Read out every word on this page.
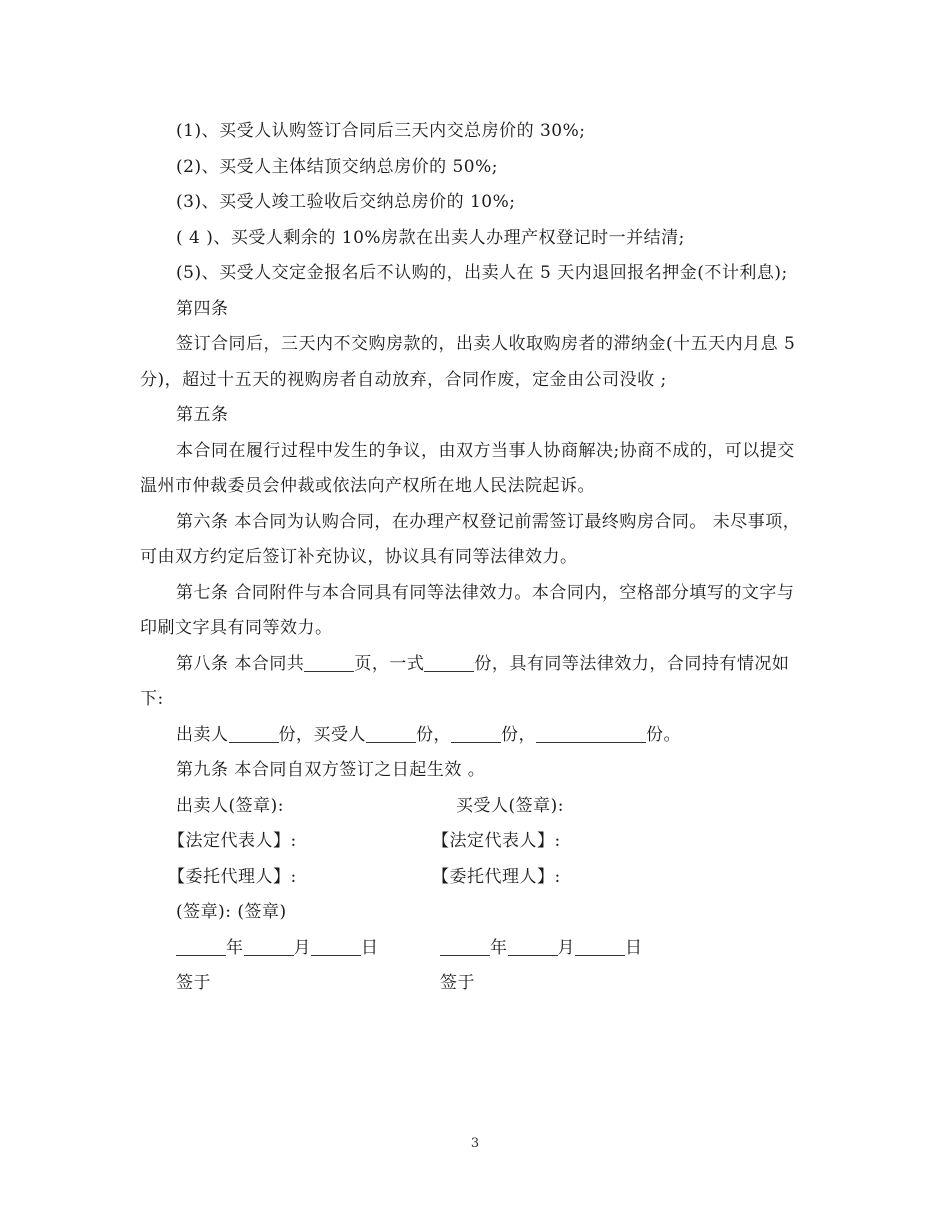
(1)、买受人认购签订合同后三天内交总房价的 30%;

(2)、买受人主体结顶交纳总房价的 50%;

(3)、买受人竣工验收后交纳总房价的 10%;

( 4 )、买受人剩余的 10%房款在出卖人办理产权登记时一并结清;

(5)、买受人交定金报名后不认购的，出卖人在 5 天内退回报名押金(不计利息);

第四条

签订合同后，三天内不交购房款的，出卖人收取购房者的滞纳金(十五天内月息 5 分)，超过十五天的视购房者自动放弃，合同作废，定金由公司没收 ;

第五条

本合同在履行过程中发生的争议，由双方当事人协商解决;协商不成的，可以提交温州市仲裁委员会仲裁或依法向产权所在地人民法院起诉。

第六条 本合同为认购合同，在办理产权登记前需签订最终购房合同。 未尽事项，可由双方约定后签订补充协议，协议具有同等法律效力。

第七条 合同附件与本合同具有同等法律效力。本合同内，空格部分填写的文字与印刷文字具有同等效力。

第八条 本合同共	页，一式	份，具有同等法律效力，合同持有情况如下:

出卖人	份，买受人	份，	份，	份。

第九条 本合同自双方签订之日起生效 。

出卖人(签章):	买受人(签章):
【法定代表人】:	【法定代表人】:
【委托代理人】:	【委托代理人】:
(签章): (签章)
年	月	日	年	月	日
签于	签于
3
